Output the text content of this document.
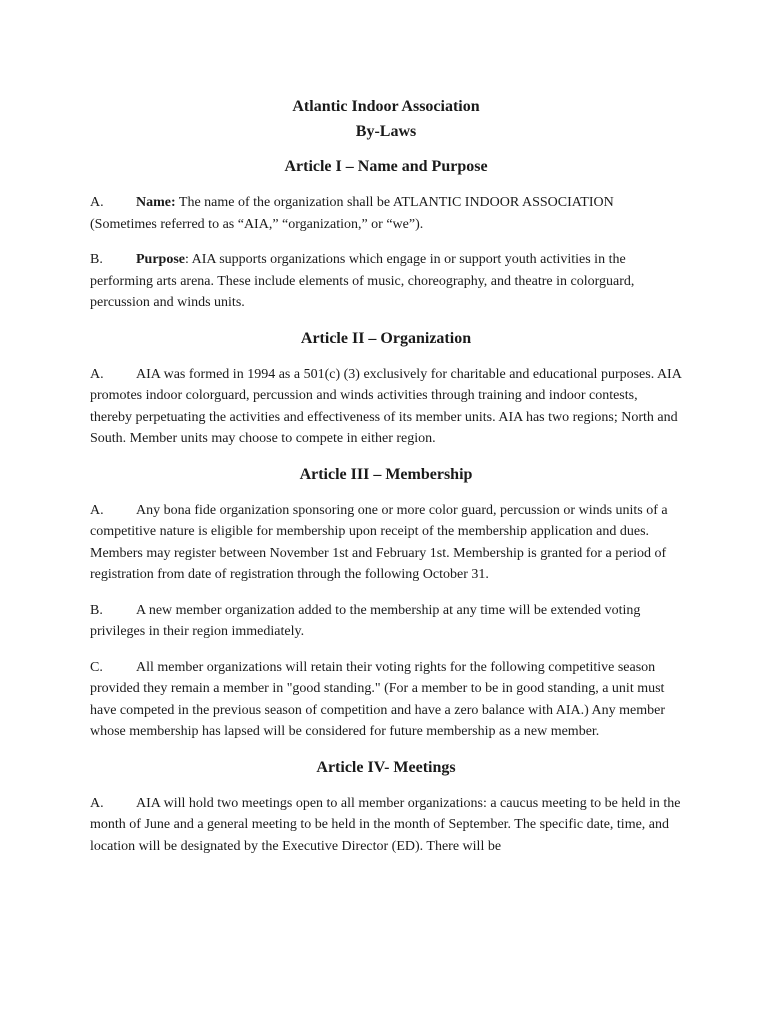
Atlantic Indoor Association

By-Laws

Article I – Name and Purpose

A. Name: The name of the organization shall be ATLANTIC INDOOR ASSOCIATION (Sometimes referred to as “AIA,” “organization,” or “we”).

B. Purpose: AIA supports organizations which engage in or support youth activities in the performing arts arena. These include elements of music, choreography, and theatre in colorguard, percussion and winds units.

Article II – Organization

A. AIA was formed in 1994 as a 501(c) (3) exclusively for charitable and educational purposes. AIA promotes indoor colorguard, percussion and winds activities through training and indoor contests, thereby perpetuating the activities and effectiveness of its member units. AIA has two regions; North and South. Member units may choose to compete in either region.

Article III – Membership

A. Any bona fide organization sponsoring one or more color guard, percussion or winds units of a competitive nature is eligible for membership upon receipt of the membership application and dues. Members may register between November 1st and February 1st. Membership is granted for a period of registration from date of registration through the following October 31.

B. A new member organization added to the membership at any time will be extended voting privileges in their region immediately.

C. All member organizations will retain their voting rights for the following competitive season provided they remain a member in "good standing." (For a member to be in good standing, a unit must have competed in the previous season of competition and have a zero balance with AIA.) Any member whose membership has lapsed will be considered for future membership as a new member.

Article IV- Meetings

A. AIA will hold two meetings open to all member organizations: a caucus meeting to be held in the month of June and a general meeting to be held in the month of September. The specific date, time, and location will be designated by the Executive Director (ED). There will be
